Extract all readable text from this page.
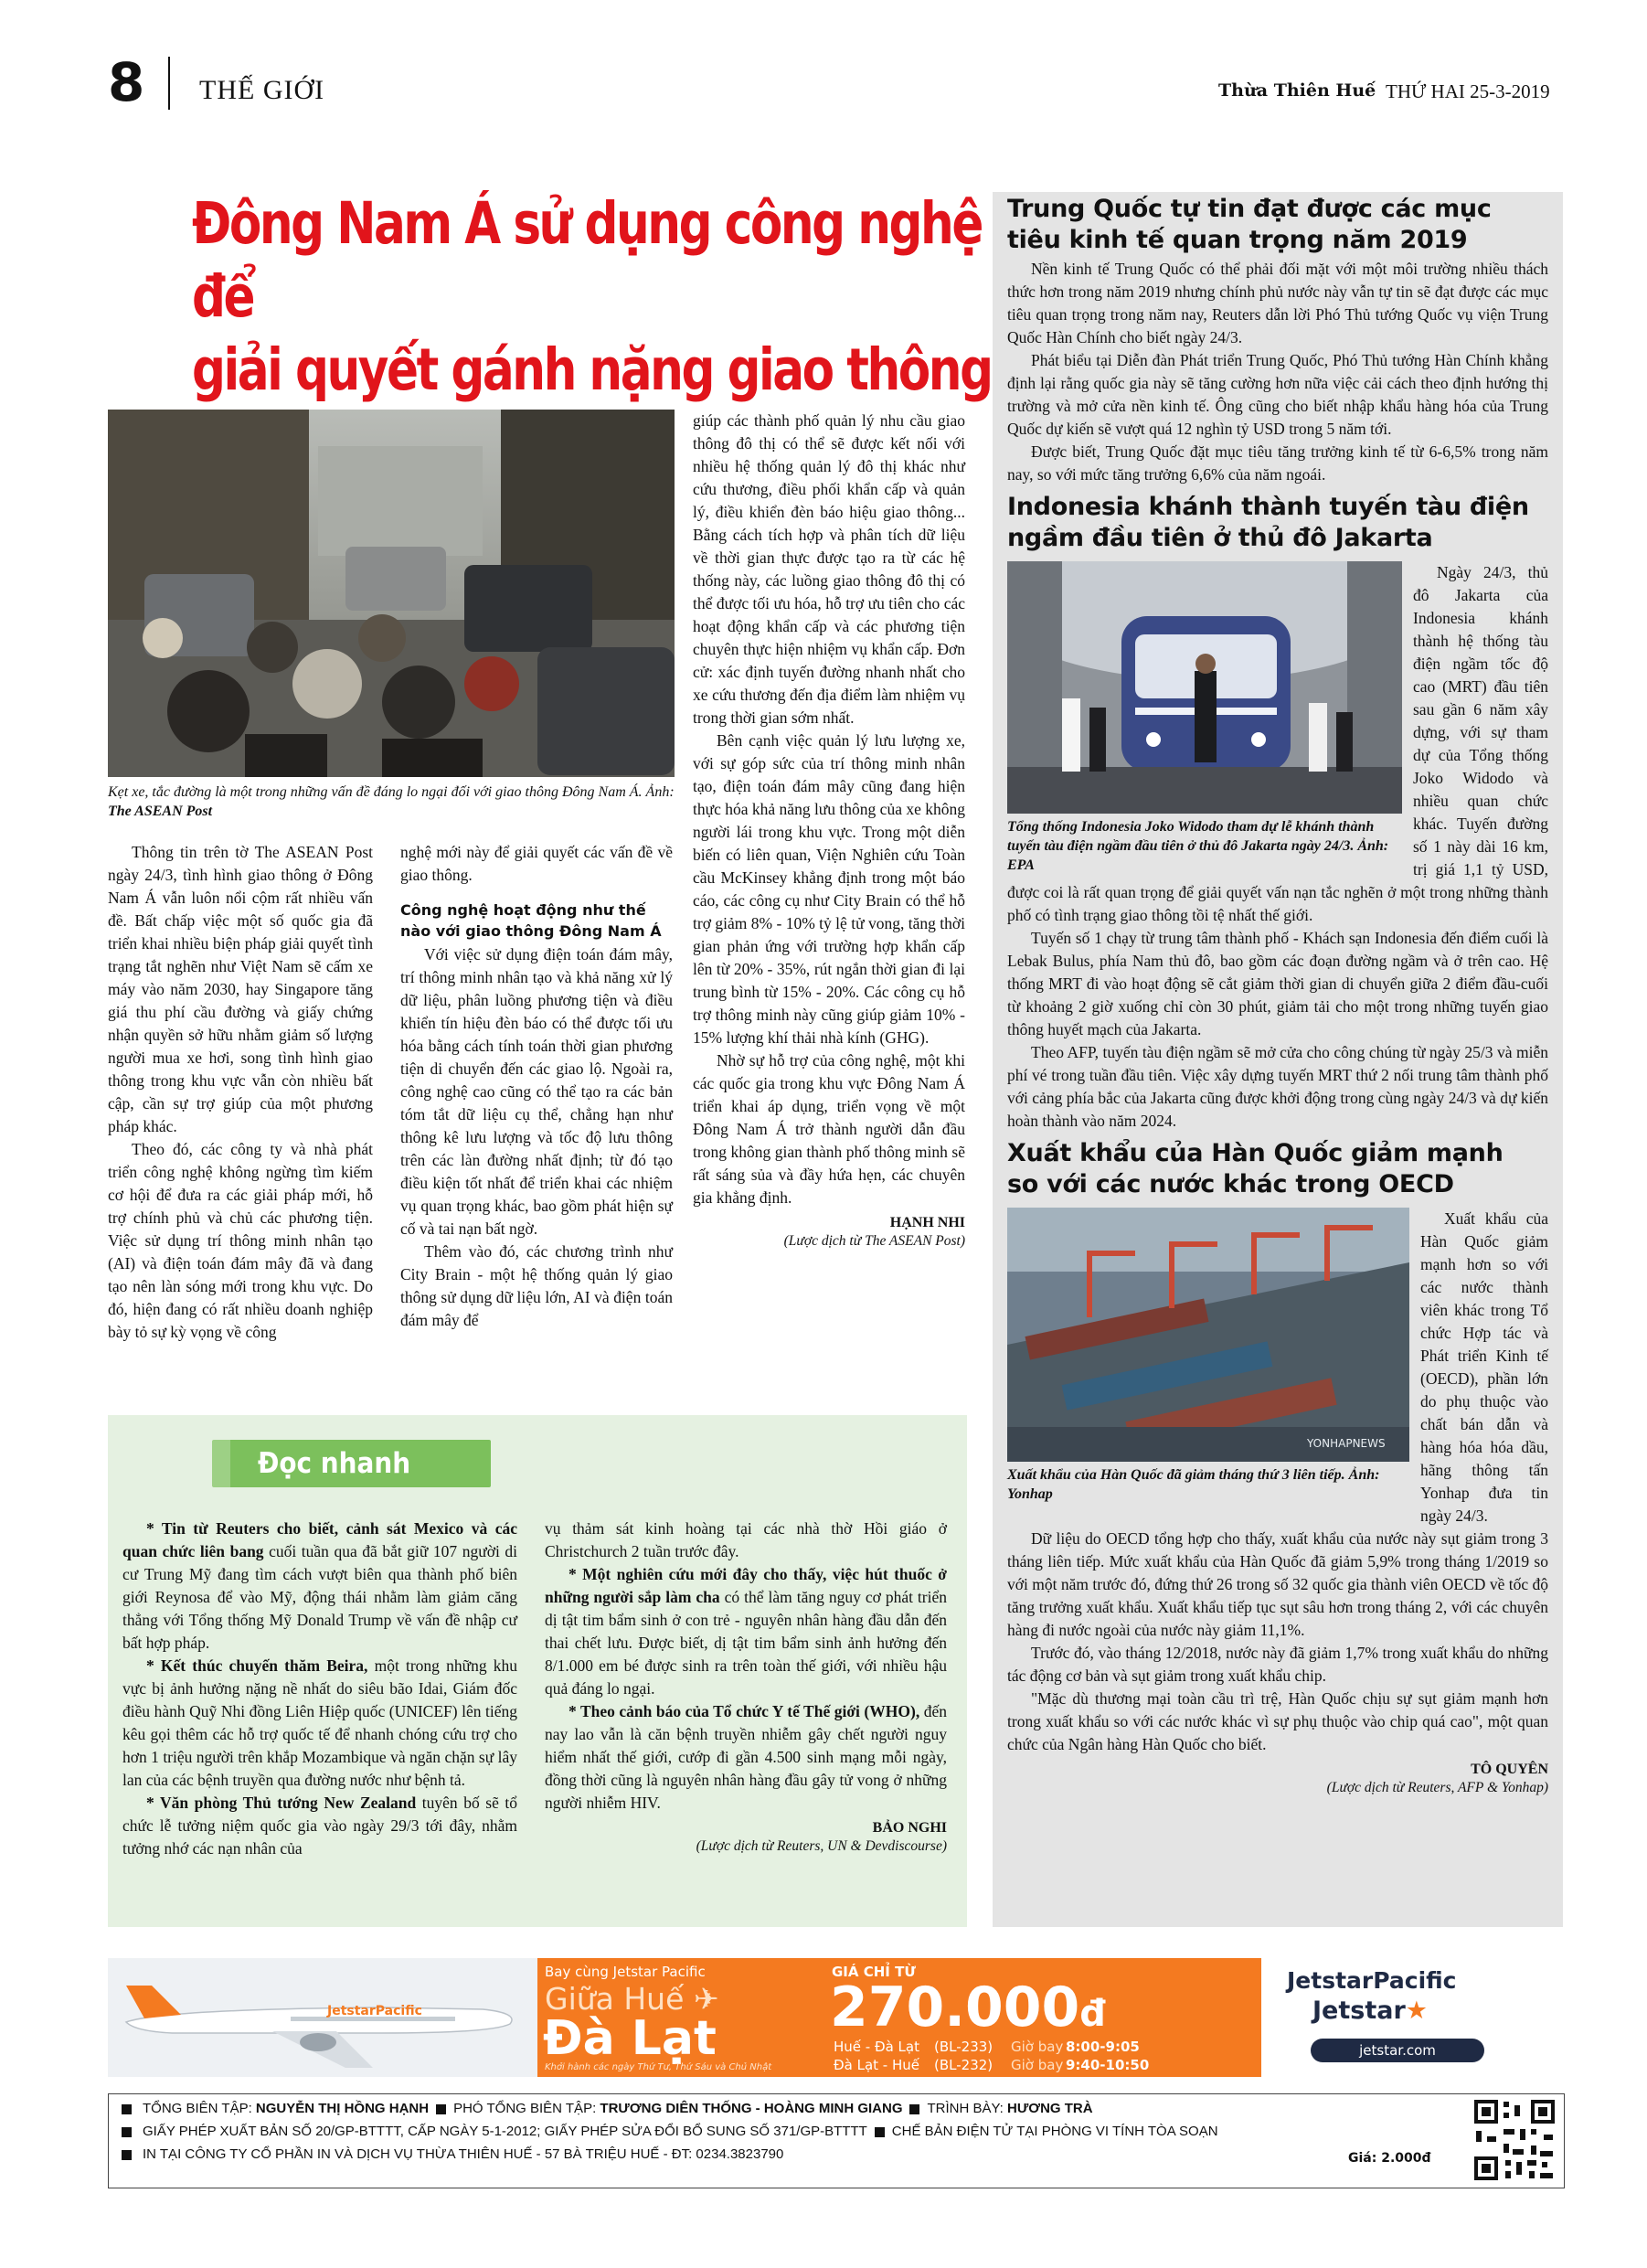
8 THẾ GIỚI	Thừa Thiên Huế THỨ HAI 25-3-2019
Đông Nam Á sử dụng công nghệ để
giải quyết gánh nặng giao thông

Kẹt xe, tắc đường là một trong những vấn đề đáng lo ngại đối với giao thông Đông Nam Á. Ảnh: The ASEAN Post

Thông tin trên tờ The ASEAN Post ngày 24/3, tình hình giao thông ở Đông Nam Á vẫn luôn nổi cộm rất nhiều vấn đề. Bất chấp việc một số quốc gia đã triển khai nhiều biện pháp giải quyết tình trạng tắt nghẽn như Việt Nam sẽ cấm xe máy vào năm 2030, hay Singapore tăng giá thu phí cầu đường và giấy chứng nhận quyền sở hữu nhằm giảm số lượng người mua xe hơi, song tình hình giao thông trong khu vực vẫn còn nhiều bất cập, cần sự trợ giúp của một phương pháp khác.

Theo đó, các công ty và nhà phát triển công nghệ không ngừng tìm kiếm cơ hội để đưa ra các giải pháp mới, hỗ trợ chính phủ và chủ các phương tiện. Việc sử dụng trí thông minh nhân tạo (AI) và điện toán đám mây đã và đang tạo nên làn sóng mới trong khu vực. Do đó, hiện đang có rất nhiều doanh nghiệp bày tỏ sự kỳ vọng về công

nghệ mới này để giải quyết các vấn đề về giao thông.

Công nghệ hoạt động như thế nào với giao thông Đông Nam Á

Với việc sử dụng điện toán đám mây, trí thông minh nhân tạo và khả năng xử lý dữ liệu, phân luồng phương tiện và điều khiển tín hiệu đèn báo có thể được tối ưu hóa bằng cách tính toán thời gian phương tiện di chuyển đến các giao lộ. Ngoài ra, công nghệ cao cũng có thể tạo ra các bản tóm tắt dữ liệu cụ thể, chẳng hạn như thông kê lưu lượng và tốc độ lưu thông trên các làn đường nhất định; từ đó tạo điều kiện tốt nhất để triển khai các nhiệm vụ quan trọng khác, bao gồm phát hiện sự cố và tai nạn bất ngờ.

Thêm vào đó, các chương trình như City Brain - một hệ thống quản lý giao thông sử dụng dữ liệu lớn, AI và điện toán đám mây để

giúp các thành phố quản lý nhu cầu giao thông đô thị có thể sẽ được kết nối với nhiều hệ thống quản lý đô thị khác như cứu thương, điều phối khẩn cấp và quản lý, điều khiển đèn báo hiệu giao thông... Bằng cách tích hợp và phân tích dữ liệu về thời gian thực được tạo ra từ các hệ thống này, các luồng giao thông đô thị có thể được tối ưu hóa, hỗ trợ ưu tiên cho các hoạt động khẩn cấp và các phương tiện chuyên thực hiện nhiệm vụ khẩn cấp. Đơn cử: xác định tuyến đường nhanh nhất cho xe cứu thương đến địa điểm làm nhiệm vụ trong thời gian sớm nhất.

Bên cạnh việc quản lý lưu lượng xe, với sự góp sức của trí thông minh nhân tạo, điện toán đám mây cũng đang hiện thực hóa khả năng lưu thông của xe không người lái trong khu vực. Trong một diễn biến có liên quan, Viện Nghiên cứu Toàn cầu McKinsey khẳng định trong một báo cáo, các công cụ như City Brain có thể hỗ trợ giảm 8% - 10% tỷ lệ tử vong, tăng thời gian phản ứng với trường hợp khẩn cấp lên từ 20% - 35%, rút ngắn thời gian đi lại trung bình từ 15% - 20%. Các công cụ hỗ trợ thông minh này cũng giúp giảm 10% - 15% lượng khí thải nhà kính (GHG).

Nhờ sự hỗ trợ của công nghệ, một khi các quốc gia trong khu vực Đông Nam Á triển khai áp dụng, triển vọng về một Đông Nam Á trở thành người dẫn đầu trong không gian thành phố thông minh sẽ rất sáng sủa và đầy hứa hẹn, các chuyên gia khẳng định.

HẠNH NHI

(Lược dịch từ The ASEAN Post)

Trung Quốc tự tin đạt được các mục tiêu kinh tế quan trọng năm 2019

Nền kinh tế Trung Quốc có thể phải đối mặt với một môi trường nhiều thách thức hơn trong năm 2019 nhưng chính phủ nước này vẫn tự tin sẽ đạt được các mục tiêu quan trọng trong năm nay, Reuters dẫn lời Phó Thủ tướng Quốc vụ viện Trung Quốc Hàn Chính cho biết ngày 24/3.

Phát biểu tại Diễn đàn Phát triển Trung Quốc, Phó Thủ tướng Hàn Chính khẳng định lại rằng quốc gia này sẽ tăng cường hơn nữa việc cải cách theo định hướng thị trường và mở cửa nền kinh tế. Ông cũng cho biết nhập khẩu hàng hóa của Trung Quốc dự kiến sẽ vượt quá 12 nghìn tỷ USD trong 5 năm tới.

Được biết, Trung Quốc đặt mục tiêu tăng trưởng kinh tế từ 6-6,5% trong năm nay, so với mức tăng trưởng 6,6% của năm ngoái.

Indonesia khánh thành tuyến tàu điện ngầm đầu tiên ở thủ đô Jakarta

Tổng thống Indonesia Joko Widodo tham dự lễ khánh thành tuyến tàu điện ngầm đầu tiên ở thủ đô Jakarta ngày 24/3. Ảnh: EPA

Ngày 24/3, thủ đô Jakarta của Indonesia khánh thành hệ thống tàu điện ngầm tốc độ cao (MRT) đầu tiên sau gần 6 năm xây dựng, với sự tham dự của Tổng thống Joko Widodo và nhiều quan chức khác. Tuyến đường số 1 này dài 16 km, trị giá 1,1 tỷ USD, được coi là rất quan trọng để giải quyết vấn nạn tắc nghẽn ở một trong những thành phố có tình trạng giao thông tồi tệ nhất thế giới.

Tuyến số 1 chạy từ trung tâm thành phố - Khách sạn Indonesia đến điểm cuối là Lebak Bulus, phía Nam thủ đô, bao gồm các đoạn đường ngầm và ở trên cao. Hệ thống MRT đi vào hoạt động sẽ cắt giảm thời gian di chuyển giữa 2 điểm đầu-cuối từ khoảng 2 giờ xuống chỉ còn 30 phút, giảm tải cho một trong những tuyến giao thông huyết mạch của Jakarta.

Theo AFP, tuyến tàu điện ngầm sẽ mở cửa cho công chúng từ ngày 25/3 và miễn phí vé trong tuần đầu tiên. Việc xây dựng tuyến MRT thứ 2 nối trung tâm thành phố với cảng phía bắc của Jakarta cũng được khởi động trong cùng ngày 24/3 và dự kiến hoàn thành vào năm 2024.

Xuất khẩu của Hàn Quốc giảm mạnh so với các nước khác trong OECD
YONHAPNEWS

Xuất khẩu của Hàn Quốc đã giảm tháng thứ 3 liên tiếp. Ảnh: Yonhap

Xuất khẩu của Hàn Quốc giảm mạnh hơn so với các nước thành viên khác trong Tổ chức Hợp tác và Phát triển Kinh tế (OECD), phần lớn do phụ thuộc vào chất bán dẫn và hàng hóa hóa dầu, hãng thông tấn Yonhap đưa tin ngày 24/3.

Dữ liệu do OECD tổng hợp cho thấy, xuất khẩu của nước này sụt giảm trong 3 tháng liên tiếp. Mức xuất khẩu của Hàn Quốc đã giảm 5,9% trong tháng 1/2019 so với một năm trước đó, đứng thứ 26 trong số 32 quốc gia thành viên OECD về tốc độ tăng trưởng xuất khẩu. Xuất khẩu tiếp tục sụt sâu hơn trong tháng 2, với các chuyên hàng đi nước ngoài của nước này giảm 11,1%.

Trước đó, vào tháng 12/2018, nước này đã giảm 1,7% trong xuất khẩu do những tác động cơ bản và sụt giảm trong xuất khẩu chip.

"Mặc dù thương mại toàn cầu trì trệ, Hàn Quốc chịu sự sụt giảm mạnh hơn trong xuất khẩu so với các nước khác vì sự phụ thuộc vào chip quá cao", một quan chức của Ngân hàng Hàn Quốc cho biết.

TÔ QUYÊN

(Lược dịch từ Reuters, AFP & Yonhap)

Đọc nhanh

* Tin từ Reuters cho biết, cảnh sát Mexico và các quan chức liên bang cuối tuần qua đã bắt giữ 107 người di cư Trung Mỹ đang tìm cách vượt biên qua thành phố biên giới Reynosa để vào Mỹ, động thái nhằm làm giảm căng thẳng với Tổng thống Mỹ Donald Trump về vấn đề nhập cư bất hợp pháp.

* Kết thúc chuyến thăm Beira, một trong những khu vực bị ảnh hưởng nặng nề nhất do siêu bão Idai, Giám đốc điều hành Quỹ Nhi đồng Liên Hiệp quốc (UNICEF) lên tiếng kêu gọi thêm các hỗ trợ quốc tế để nhanh chóng cứu trợ cho hơn 1 triệu người trên khắp Mozambique và ngăn chặn sự lây lan của các bệnh truyền qua đường nước như bệnh tả.

* Văn phòng Thủ tướng New Zealand tuyên bố sẽ tổ chức lễ tưởng niệm quốc gia vào ngày 29/3 tới đây, nhằm tưởng nhớ các nạn nhân của

vụ thảm sát kinh hoàng tại các nhà thờ Hồi giáo ở Christchurch 2 tuần trước đây.

* Một nghiên cứu mới đây cho thấy, việc hút thuốc ở những người sắp làm cha có thể làm tăng nguy cơ phát triển dị tật tim bẩm sinh ở con trẻ - nguyên nhân hàng đầu dẫn đến thai chết lưu. Được biết, dị tật tim bẩm sinh ảnh hưởng đến 8/1.000 em bé được sinh ra trên toàn thế giới, với nhiều hậu quả đáng lo ngại.

* Theo cảnh báo của Tổ chức Y tế Thế giới (WHO), đến nay lao vẫn là căn bệnh truyền nhiễm gây chết người nguy hiểm nhất thế giới, cướp đi gần 4.500 sinh mạng mỗi ngày, đồng thời cũng là nguyên nhân hàng đầu gây tử vong ở những người nhiễm HIV.

BẢO NGHI

(Lược dịch từ Reuters, UN & Devdiscourse)

JetstarPacific
Bay cùng Jetstar Pacific
Giữa Huế ✈
Đà Lạt
Khởi hành các ngày Thứ Tư, Thứ Sáu và Chủ Nhật
GIÁ CHỈ TỪ
270.000đ
Huế - Đà Lạt (BL-233) Giờ bay 8:00-9:05
Đà Lạt - Huế (BL-232) Giờ bay 9:40-10:50
JetstarPacific
Jetstar★
jetstar.com
TỔNG BIÊN TẬP: NGUYỄN THỊ HỒNG HẠNH PHÓ TỔNG BIÊN TẬP: TRƯƠNG DIÊN THỐNG - HOÀNG MINH GIANG TRÌNH BÀY: HƯƠNG TRÀ
GIẤY PHÉP XUẤT BẢN SỐ 20/GP-BTTTT, CẤP NGÀY 5-1-2012; GIẤY PHÉP SỬA ĐỔI BỔ SUNG SỐ 371/GP-BTTTT CHẾ BẢN ĐIỆN TỬ TẠI PHÒNG VI TÍNH TÒA SOẠN
IN TẠI CÔNG TY CỔ PHẦN IN VÀ DỊCH VỤ THỪA THIÊN HUẾ - 57 BÀ TRIỆU HUẾ - ĐT: 0234.3823790	Giá: 2.000đ
